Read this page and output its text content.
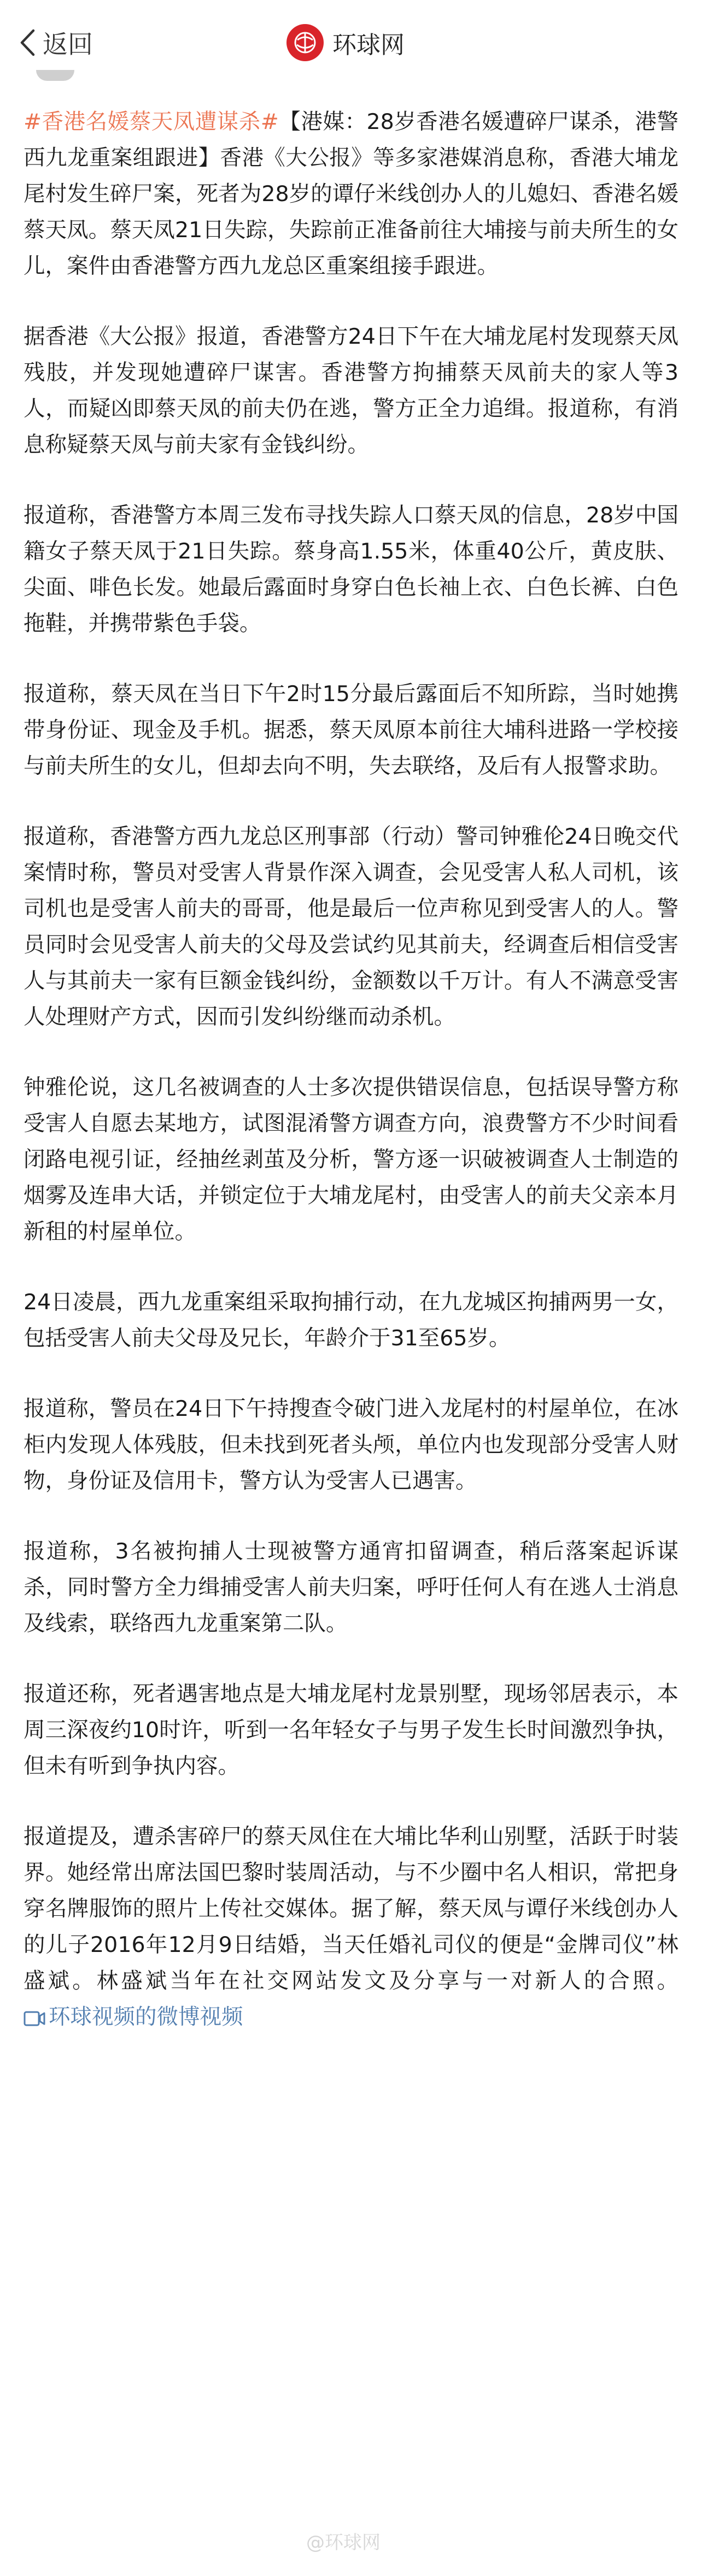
返回	环球网

#香港名媛蔡天凤遭谋杀#【港媒：28岁香港名媛遭碎尸谋杀，港警西九龙重案组跟进】香港《大公报》等多家港媒消息称，香港大埔龙尾村发生碎尸案，死者为28岁的谭仔米线创办人的儿媳妇、香港名媛蔡天凤。蔡天凤21日失踪，失踪前正准备前往大埔接与前夫所生的女儿，案件由香港警方西九龙总区重案组接手跟进。

据香港《大公报》报道，香港警方24日下午在大埔龙尾村发现蔡天凤残肢，并发现她遭碎尸谋害。香港警方拘捕蔡天凤前夫的家人等3人，而疑凶即蔡天凤的前夫仍在逃，警方正全力追缉。报道称，有消息称疑蔡天凤与前夫家有金钱纠纷。

报道称，香港警方本周三发布寻找失踪人口蔡天凤的信息，28岁中国籍女子蔡天凤于21日失踪。蔡身高1.55米，体重40公斤，黄皮肤、尖面、啡色长发。她最后露面时身穿白色长袖上衣、白色长裤、白色拖鞋，并携带紫色手袋。

报道称，蔡天凤在当日下午2时15分最后露面后不知所踪，当时她携带身份证、现金及手机。据悉，蔡天凤原本前往大埔科进路一学校接与前夫所生的女儿，但却去向不明，失去联络，及后有人报警求助。

报道称，香港警方西九龙总区刑事部（行动）警司钟雅伦24日晚交代案情时称，警员对受害人背景作深入调查，会见受害人私人司机，该司机也是受害人前夫的哥哥，他是最后一位声称见到受害人的人。警员同时会见受害人前夫的父母及尝试约见其前夫，经调查后相信受害人与其前夫一家有巨额金钱纠纷，金额数以千万计。有人不满意受害人处理财产方式，因而引发纠纷继而动杀机。

钟雅伦说，这几名被调查的人士多次提供错误信息，包括误导警方称受害人自愿去某地方，试图混淆警方调查方向，浪费警方不少时间看闭路电视引证，经抽丝剥茧及分析，警方逐一识破被调查人士制造的烟雾及连串大话，并锁定位于大埔龙尾村，由受害人的前夫父亲本月新租的村屋单位。

24日凌晨，西九龙重案组采取拘捕行动，在九龙城区拘捕两男一女，包括受害人前夫父母及兄长，年龄介于31至65岁。

报道称，警员在24日下午持搜查令破门进入龙尾村的村屋单位，在冰柜内发现人体残肢，但未找到死者头颅，单位内也发现部分受害人财物，身份证及信用卡，警方认为受害人已遇害。

报道称，3名被拘捕人士现被警方通宵扣留调查，稍后落案起诉谋杀，同时警方全力缉捕受害人前夫归案，呼吁任何人有在逃人士消息及线索，联络西九龙重案第二队。

报道还称，死者遇害地点是大埔龙尾村龙景别墅，现场邻居表示，本周三深夜约10时许，听到一名年轻女子与男子发生长时间激烈争执，但未有听到争执内容。

报道提及，遭杀害碎尸的蔡天凤住在大埔比华利山别墅，活跃于时装界。她经常出席法国巴黎时装周活动，与不少圈中名人相识，常把身穿名牌服饰的照片上传社交媒体。据了解，蔡天凤与谭仔米线创办人的儿子2016年12月9日结婚，当天任婚礼司仪的便是“金牌司仪”林盛斌。林盛斌当年在社交网站发文及分享与一对新人的合照。环球视频的微博视频

@环球网
